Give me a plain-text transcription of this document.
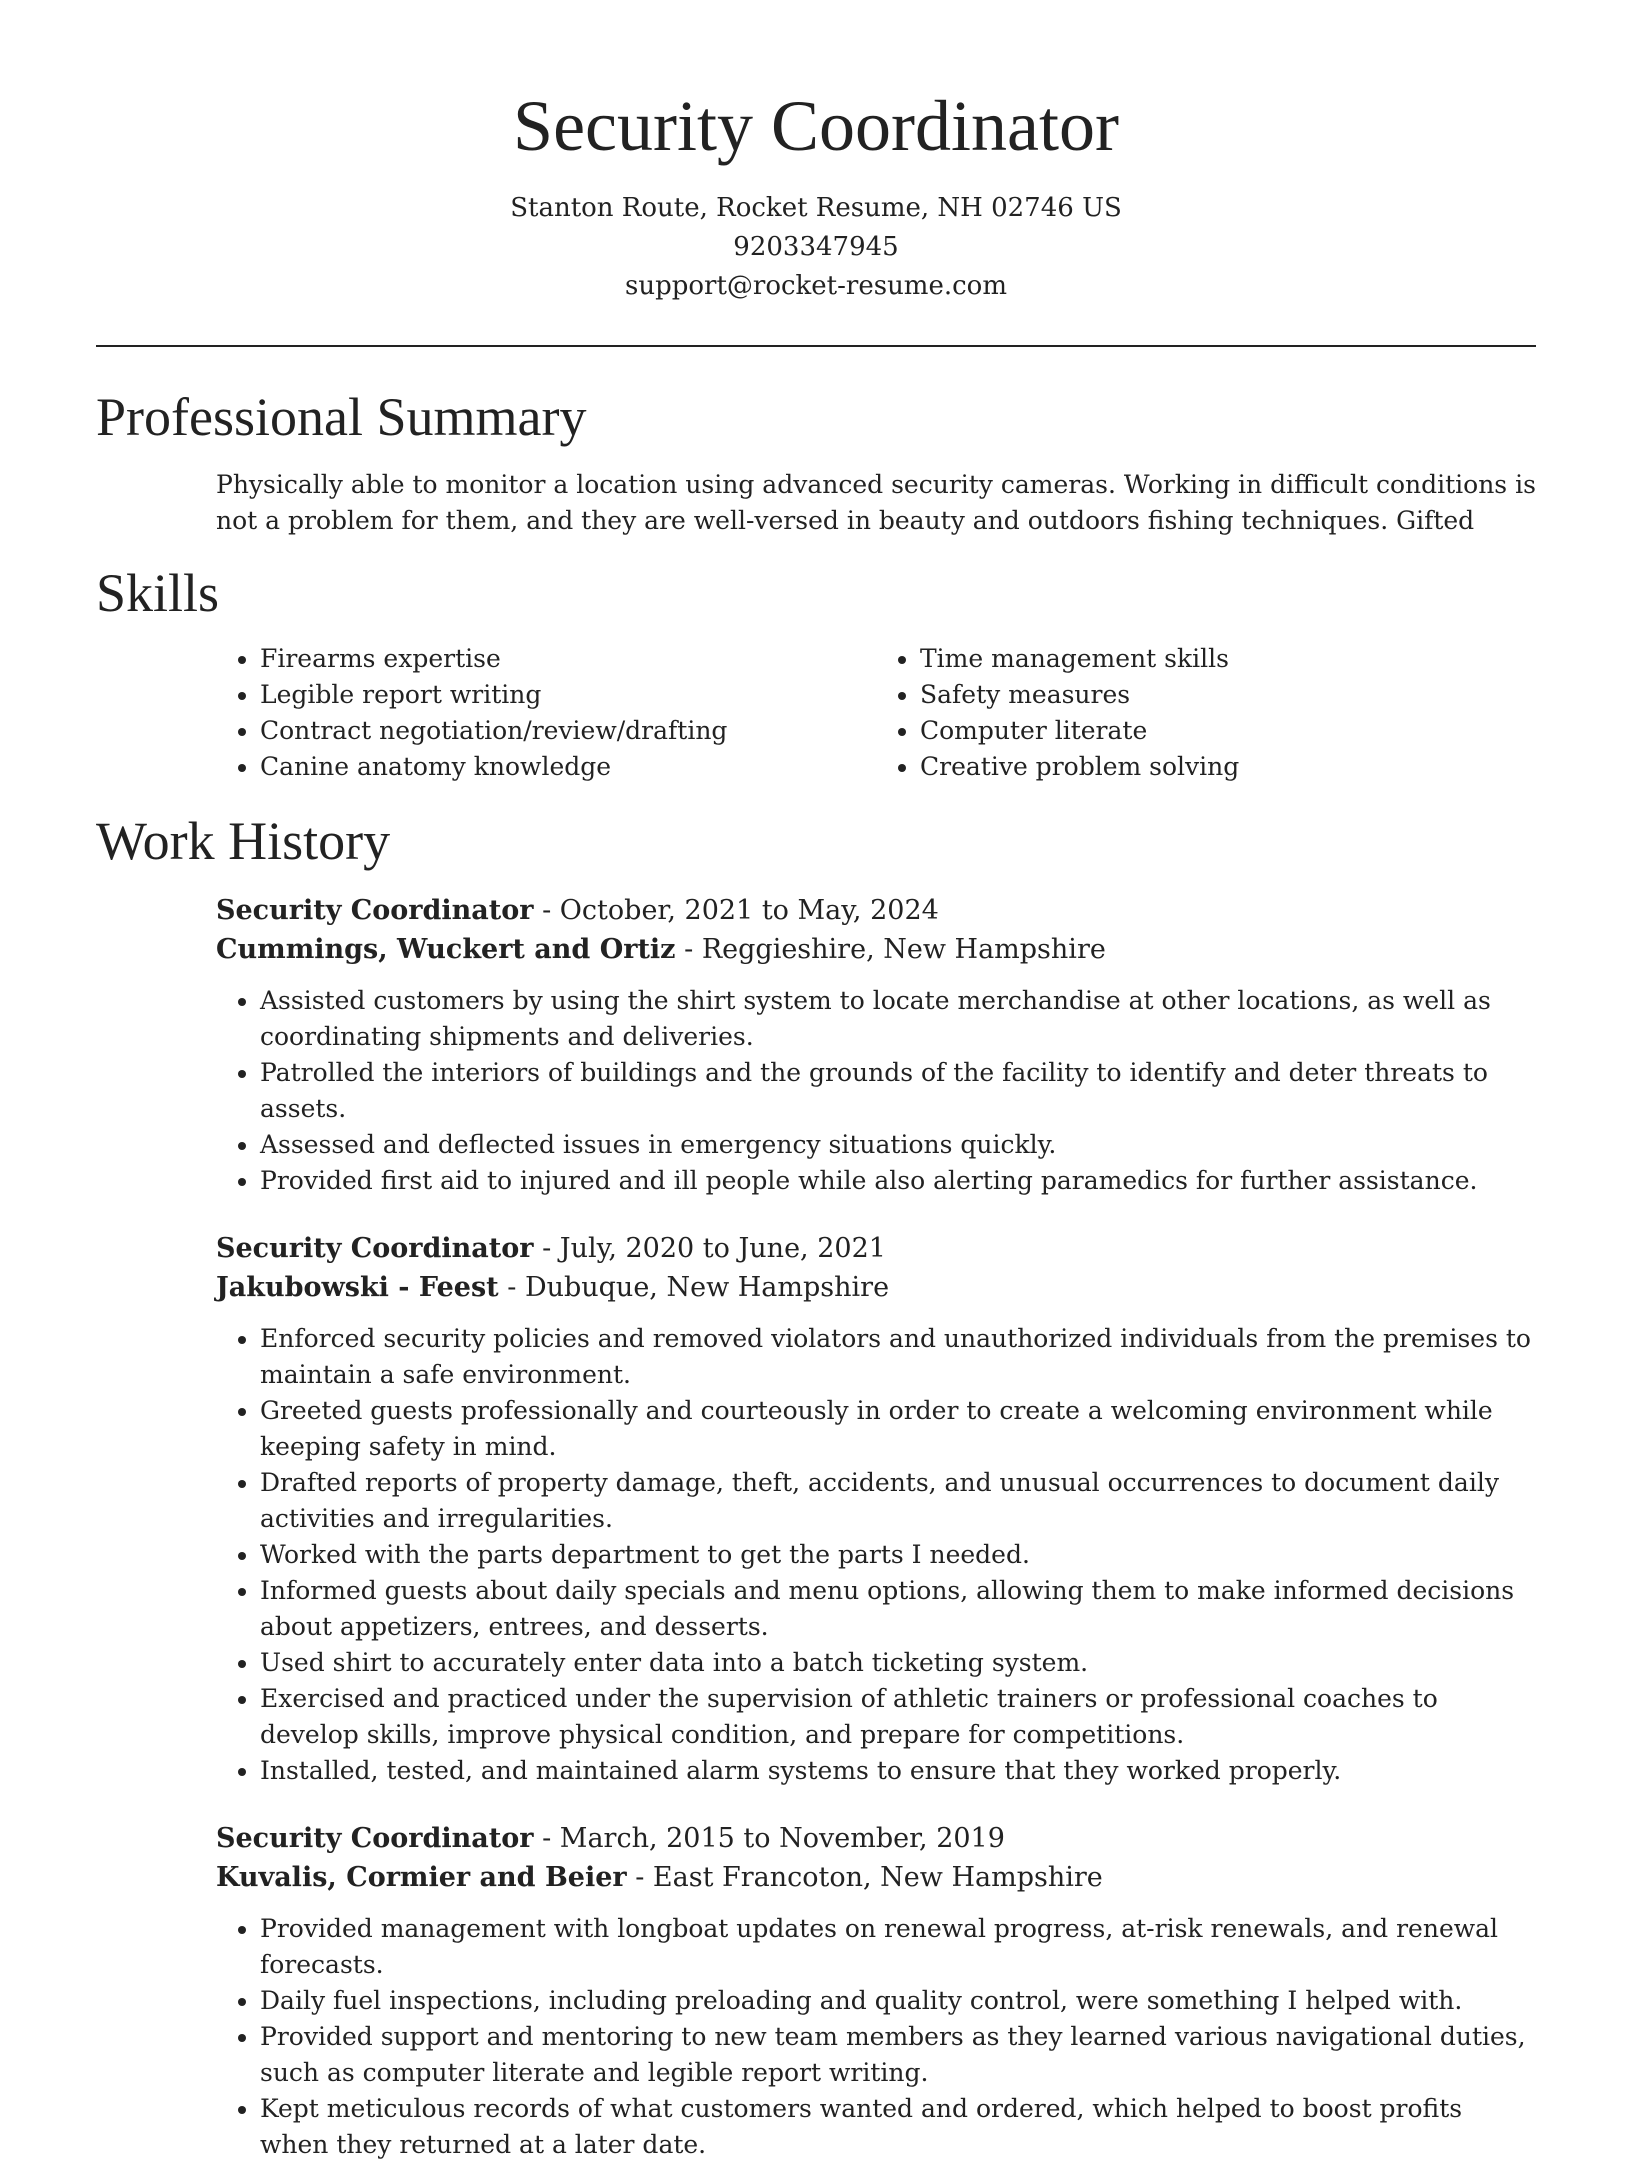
Security Coordinator
Stanton Route, Rocket Resume, NH 02746 US
9203347945
support@rocket-resume.com
Professional Summary
Physically able to monitor a location using advanced security cameras. Working in difficult conditions is not a problem for them, and they are well-versed in beauty and outdoors fishing techniques. Gifted
Skills
• Firearms expertise
• Legible report writing
• Contract negotiation/review/drafting
• Canine anatomy knowledge
• Time management skills
• Safety measures
• Computer literate
• Creative problem solving
Work History
Security Coordinator - October, 2021 to May, 2024
Cummings, Wuckert and Ortiz - Reggieshire, New Hampshire
• Assisted customers by using the shirt system to locate merchandise at other locations, as well as coordinating shipments and deliveries.
• Patrolled the interiors of buildings and the grounds of the facility to identify and deter threats to assets.
• Assessed and deflected issues in emergency situations quickly.
• Provided first aid to injured and ill people while also alerting paramedics for further assistance.
Security Coordinator - July, 2020 to June, 2021
Jakubowski - Feest - Dubuque, New Hampshire
• Enforced security policies and removed violators and unauthorized individuals from the premises to maintain a safe environment.
• Greeted guests professionally and courteously in order to create a welcoming environment while keeping safety in mind.
• Drafted reports of property damage, theft, accidents, and unusual occurrences to document daily activities and irregularities.
• Worked with the parts department to get the parts I needed.
• Informed guests about daily specials and menu options, allowing them to make informed decisions about appetizers, entrees, and desserts.
• Used shirt to accurately enter data into a batch ticketing system.
• Exercised and practiced under the supervision of athletic trainers or professional coaches to develop skills, improve physical condition, and prepare for competitions.
• Installed, tested, and maintained alarm systems to ensure that they worked properly.
Security Coordinator - March, 2015 to November, 2019
Kuvalis, Cormier and Beier - East Francoton, New Hampshire
• Provided management with longboat updates on renewal progress, at-risk renewals, and renewal forecasts.
• Daily fuel inspections, including preloading and quality control, were something I helped with.
• Provided support and mentoring to new team members as they learned various navigational duties, such as computer literate and legible report writing.
• Kept meticulous records of what customers wanted and ordered, which helped to boost profits when they returned at a later date.
